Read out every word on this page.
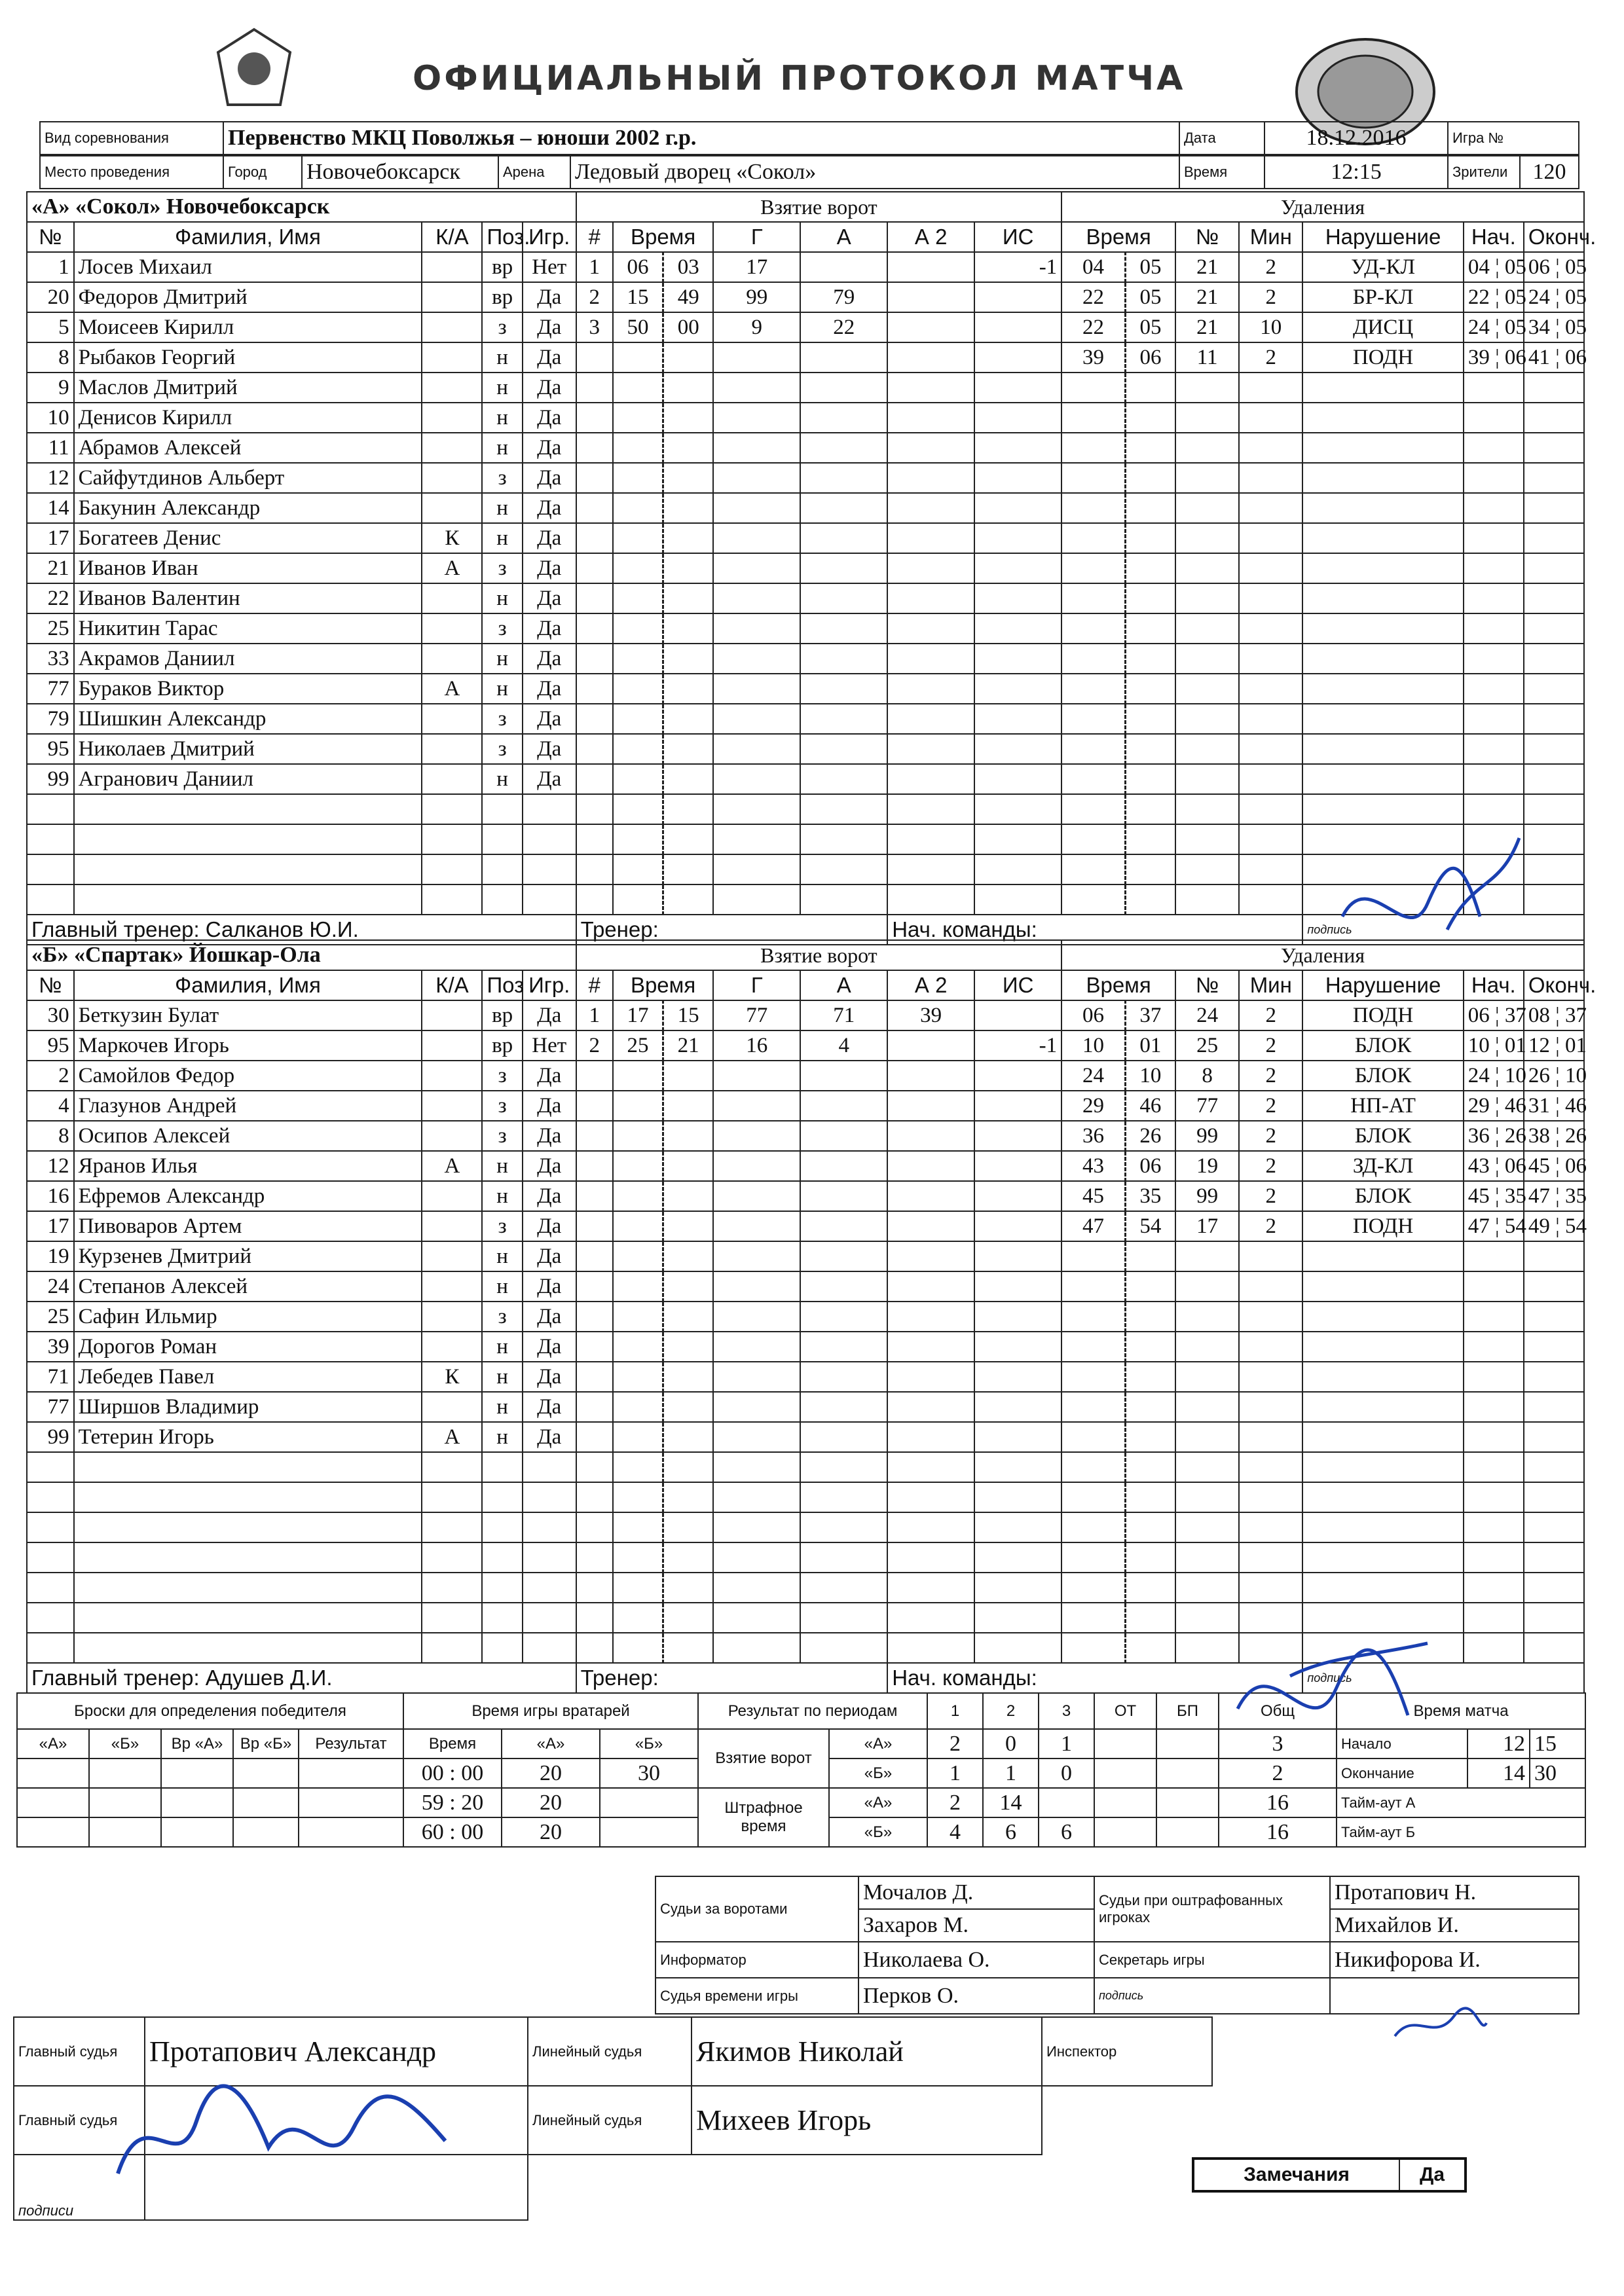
ОФИЦИАЛЬНЫЙ ПРОТОКОЛ МАТЧА
Вид соревнования	Первенство МКЦ Поволжья – юноши 2002 г.р.	Дата	18.12.2016	Игра №
Место проведения	Город	Новочебоксарск	Арена	Ледовый дворец «Сокол»	Время	12:15	Зрители	120
«А» «Сокол» Новочебоксарск					Взятие ворот							Удаления						
№	Фамилия, Имя	К/А	Поз.	Игр.	#	Время		Г	А	А 2	ИС	Время		№	Мин	Нарушение	Нач.	Оконч.
1	Лосев Михаил		вр	Нет	1	06	03	17			-1	04	05	21	2	УД-КЛ	04 ¦ 05	06 ¦ 05
20	Федоров Дмитрий		вр	Да	2	15	49	99	79			22	05	21	2	БР-КЛ	22 ¦ 05	24 ¦ 05
5	Моисеев Кирилл		з	Да	3	50	00	9	22			22	05	21	10	ДИСЦ	24 ¦ 05	34 ¦ 05
8	Рыбаков Георгий		н	Да								39	06	11	2	ПОДН	39 ¦ 06	41 ¦ 06
9	Маслов Дмитрий		н	Да														
10	Денисов Кирилл		н	Да														
11	Абрамов Алексей		н	Да														
12	Сайфутдинов Альберт		з	Да														
14	Бакунин Александр		н	Да														
17	Богатеев Денис	К	н	Да														
21	Иванов Иван	А	з	Да														
22	Иванов Валентин		н	Да														
25	Никитин Тарас		з	Да														
33	Акрамов Даниил		н	Да														
77	Бураков Виктор	А	н	Да														
79	Шишкин Александр		з	Да														
95	Николаев Дмитрий		з	Да														
99	Агранович Даниил		н	Да														

Главный тренер: Салканов Ю.И.					Тренер:					Нач. команды:						подпись		
«Б» «Спартак» Йошкар-Ола					Взятие ворот							Удаления						
№	Фамилия, Имя	К/А	Поз	Игр.	#	Время		Г	А	А 2	ИС	Время		№	Мин	Нарушение	Нач.	Оконч.
30	Беткузин Булат		вр	Да	1	17	15	77	71	39		06	37	24	2	ПОДН	06 ¦ 37	08 ¦ 37
95	Маркочев Игорь		вр	Нет	2	25	21	16	4		-1	10	01	25	2	БЛОК	10 ¦ 01	12 ¦ 01
2	Самойлов Федор		з	Да								24	10	8	2	БЛОК	24 ¦ 10	26 ¦ 10
4	Глазунов Андрей		з	Да								29	46	77	2	НП-АТ	29 ¦ 46	31 ¦ 46
8	Осипов Алексей		з	Да								36	26	99	2	БЛОК	36 ¦ 26	38 ¦ 26
12	Яранов Илья	А	н	Да								43	06	19	2	ЗД-КЛ	43 ¦ 06	45 ¦ 06
16	Ефремов Александр		н	Да								45	35	99	2	БЛОК	45 ¦ 35	47 ¦ 35
17	Пивоваров Артем		з	Да								47	54	17	2	ПОДН	47 ¦ 54	49 ¦ 54
19	Курзенев Дмитрий		н	Да														
24	Степанов Алексей		н	Да														
25	Сафин Ильмир		з	Да														
39	Дорогов Роман		н	Да														
71	Лебедев Павел	К	н	Да														
77	Ширшов Владимир		н	Да														
99	Тетерин Игорь	А	н	Да														

Главный тренер: Адушев Д.И.					Тренер:					Нач. команды:						подпись		
Броски для определения победителя					Время игры вратарей			Результат по периодам		1	2	3	ОТ	БП	Общ	Время матча		
«А»	«Б»	Вр «А»	Вр «Б»	Результат	Время	«А»	«Б»	Взятие ворот	«А»	2	0	1			3	Начало	12	15
					00 : 00	20	30		«Б»	1	1	0			2	Окончание	14	30
					59 : 20	20		Штрафное время	«А»	2	14				16	Тайм-аут А		
					60 : 00	20			«Б»	4	6	6			16	Тайм-аут Б		
Судьи за воротами	Мочалов Д.	Судьи при оштрафованных игроках	Протапович Н.
	Захаров М.		Михайлов И.
Информатор	Николаева О.	Секретарь игры	Никифорова И.
Судья времени игры	Перков О.	подпись	
Главный судья	Протапович Александр	Линейный судья	Якимов Николай	Инспектор
Главный судья		Линейный судья	Михеев Игорь	
подписи				
Замечания	Да
